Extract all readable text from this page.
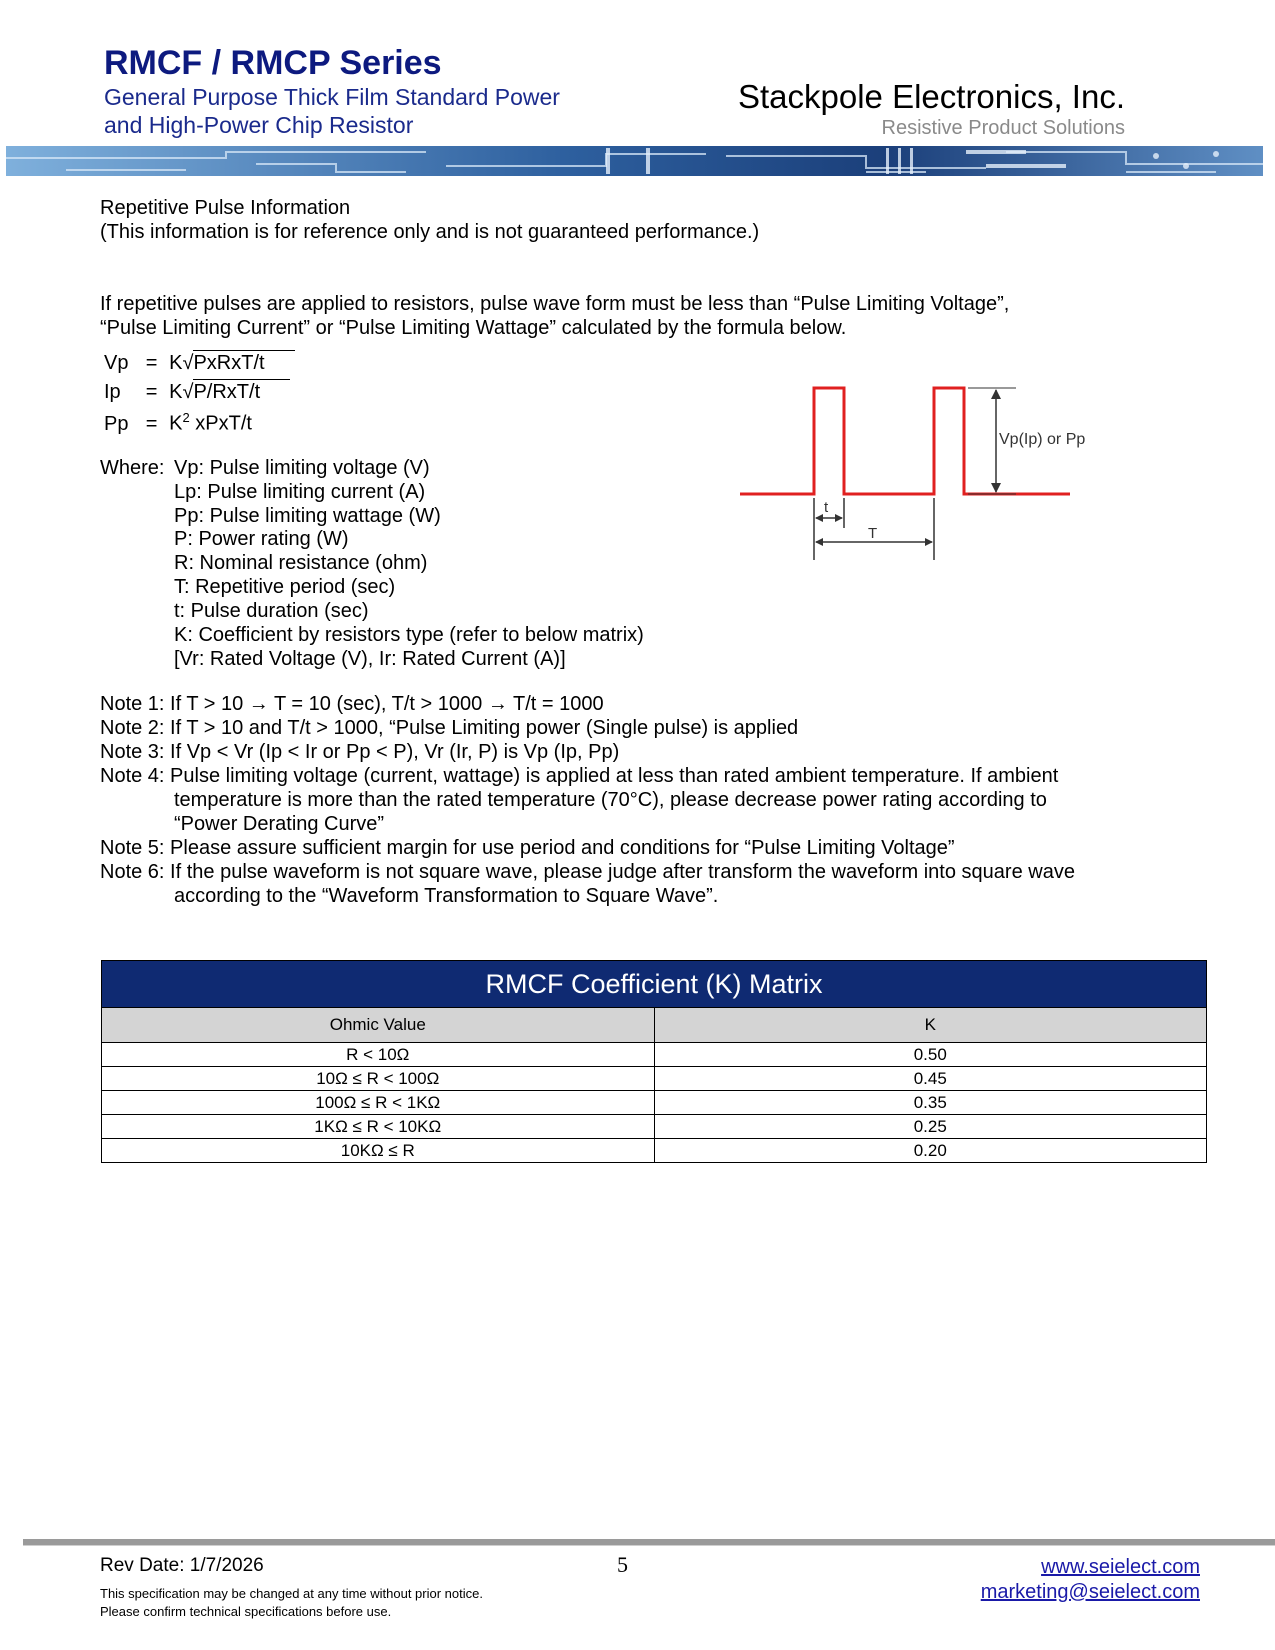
RMCF / RMCP Series
General Purpose Thick Film Standard Power
and High-Power Chip Resistor
Stackpole Electronics, Inc.
Resistive Product Solutions
Repetitive Pulse Information
(This information is for reference only and is not guaranteed performance.)
If repetitive pulses are applied to resistors, pulse wave form must be less than “Pulse Limiting Voltage”,
“Pulse Limiting Current” or “Pulse Limiting Wattage” calculated by the formula below.
Vp = K√PxRxT/t
Ip = K√P/RxT/t
$Pp = K^2$ xPxT/t
Where: Vp: Pulse limiting voltage (V)
Lp: Pulse limiting current (A)
Pp: Pulse limiting wattage (W)
P: Power rating (W)
R: Nominal resistance (ohm)
T: Repetitive period (sec)
t: Pulse duration (sec)
K: Coefficient by resistors type (refer to below matrix)
[Vr: Rated Voltage (V), Ir: Rated Current (A)]
Vp(Ip) or Pp
t
T
Note 1: If T > 10 → T = 10 (sec), T/t > 1000 → T/t = 1000
Note 2: If T > 10 and T/t > 1000, “Pulse Limiting power (Single pulse) is applied
Note 3: If Vp < Vr (Ip < Ir or Pp < P), Vr (Ir, P) is Vp (Ip, Pp)
Note 4: Pulse limiting voltage (current, wattage) is applied at less than rated ambient temperature. If ambient
temperature is more than the rated temperature (70°C), please decrease power rating according to
“Power Derating Curve”
Note 5: Please assure sufficient margin for use period and conditions for “Pulse Limiting Voltage”
Note 6: If the pulse waveform is not square wave, please judge after transform the waveform into square wave
according to the “Waveform Transformation to Square Wave”.
RMCF Coefficient (K) Matrix	
Ohmic Value	K
R < 10Ω	0.50
10Ω ≤ R < 100Ω	0.45
100Ω ≤ R < 1KΩ	0.35
1KΩ ≤ R < 10KΩ	0.25
10KΩ ≤ R	0.20
Rev Date: 1/7/2026	5
This specification may be changed at any time without prior notice.
Please confirm technical specifications before use.
www.seielect.com
marketing@seielect.com
